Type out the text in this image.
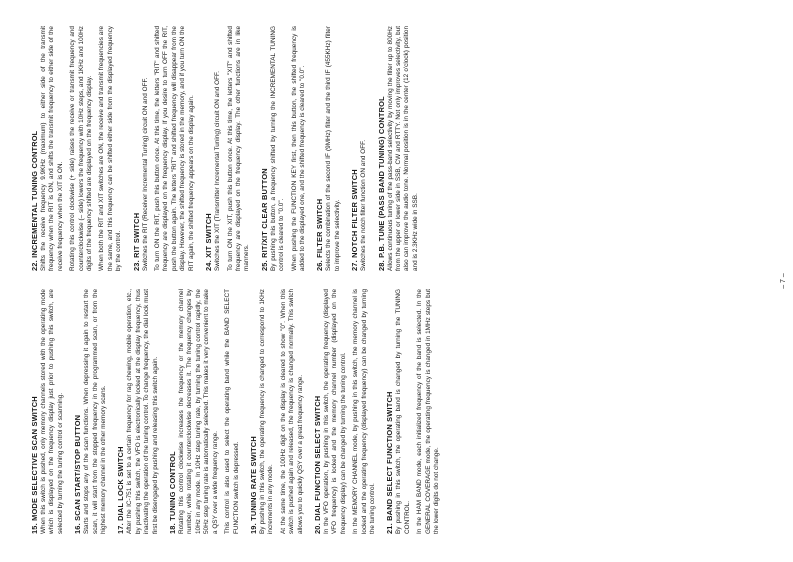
15. MODE SELECTIVE SCAN SWITCH When this switch is pushed, only memory channels stored with the operating mode which is displayed on the frequency display just prior to pushing this switch, are selected by turning the tuning control or scanning. 16. SCAN START/STOP BUTTON Starts and stops any of the scan functions. When depressing it again to restart the scan, it will start from the stopped frequency in the programmed scan, or from the highest memory channel in the other memory scans. 17. DIAL LOCK SWITCH After the IC-751 is set to a certain frequency for rag chewing, mobile operation, etc., by pushing this switch, the VFO is electronically locked at the display frequency, thus inactivating the operation of the tuning control. To change frequency, the dial lock must first be disengaged by pushing and releasing this switch again. 18. TUNING CONTROL Rotating this control clockwise increases the frequency or the memory channel number, while rotating it counterclockwise decreases it. The frequency changes by 10Hz in any mode. In 10Hz step tuning rate, by turning the tuning control rapidly, the 50Hz step tuning rate is automatically selected. This makes it very convenient to make a QSY over a wide frequency range. This control is also used to select the operating band while the BAND SELECT FUNCTION switch is depressed. 19. TUNING RATE SWITCH By pushing in this switch, the operating frequency is changed to correspond to 1KHz increments in any mode. At the same time, the 100Hz digit on the display is cleared to show "0". When this switch is pushed again and released, the frequency is changed normally. This switch allows you to quickly QSY over a great frequency range. 20. DIAL FUNCTION SELECT SWITCH In the VFO operation, by pushing in this switch, the operating frequency (displayed VFO frequency) is locked and the memory channel number (displayed on the frequency display) can be changed by turning the tuning control. In the MEMORY CHANNEL mode, by pushing in this switch, the memory channel is locked and the operating frequency (displayed frequency) can be changed by turning the tuning control. 21. BAND SELECT FUNCTION SWITCH By pushing in this switch, the operating band is changed by turning the TUNING CONTROL. In the HAM BAND mode, each initialized frequency of the band is selected. In the GENERAL COVERAGE mode, the operating frequency is changed in 1MHz steps but the lower digits do not change.

22. INCREMENTAL TUNING CONTROL Shifts the receive frequency 9.9KHz (maximum) to either side of the transmit frequency when the RIT is ON, and shifts the transmit frequency to either side of the receive frequency when the XIT is ON. Rotating this control clockwise (+ side) raises the receive or transmit frequency and counterclockwise (– side) lowers the frequency with 10Hz steps, and 1KHz and 100Hz digits of the frequency shifted are displayed on the frequency display. When both the RIT and XIT switches are ON, the receive and transmit frequencies are the same, and this frequency can be shifted either side from the displayed frequency by the control. 23. RIT SWITCH Switches the RIT (Receiver Incremental Tuning) circuit ON and OFF. To turn ON the RIT, push this button once. At this time, the letters "RIT" and shifted frequency are displayed on the frequency display. If you desire to turn OFF the RIT, push the button again. The letters "RIT" and shifted frequency will disappear from the display. However, the shifted frequency is stored in the memory, and if you turn ON the RIT again, the shifted frequency appears on the display again. 24. XIT SWITCH Switches the XIT (Transmitter Incremental Tuning) circuit ON and OFF. To turn ON the XIT, push this button once. At this time, the letters "XIT" and shifted frequency are displayed on the frequency display. The other functions are in like manners. 25. RIT/XIT CLEAR BUTTON By pushing this button, a frequency shifted by turning the INCREMENTAL TUNING control is cleared to "0.0". When pushing the FUNCTION KEY first, then this button, the shifted frequency is added to the displayed one, and the shifted frequency is cleared to "0.0". 26. FILTER SWITCH Selects the combination of the second IF (9MHz) filter and the third IF (455KHz) filter to improve the selectivity. 27. NOTCH FILTER SWITCH Switches the notch filter function ON and OFF. 28. P.B. TUNE (PASS BAND TUNING) CONTROL Allows continuous tuning of the pass-band selectivity by moving the filter up to 800Hz from the upper or lower side in SSB, CW and RTTY. Not only improves selectivity, but also can improve the audio tone. Normal position is in the center (12 o'clock) position and is 2.3KHz wide in SSB.

– 7 –
